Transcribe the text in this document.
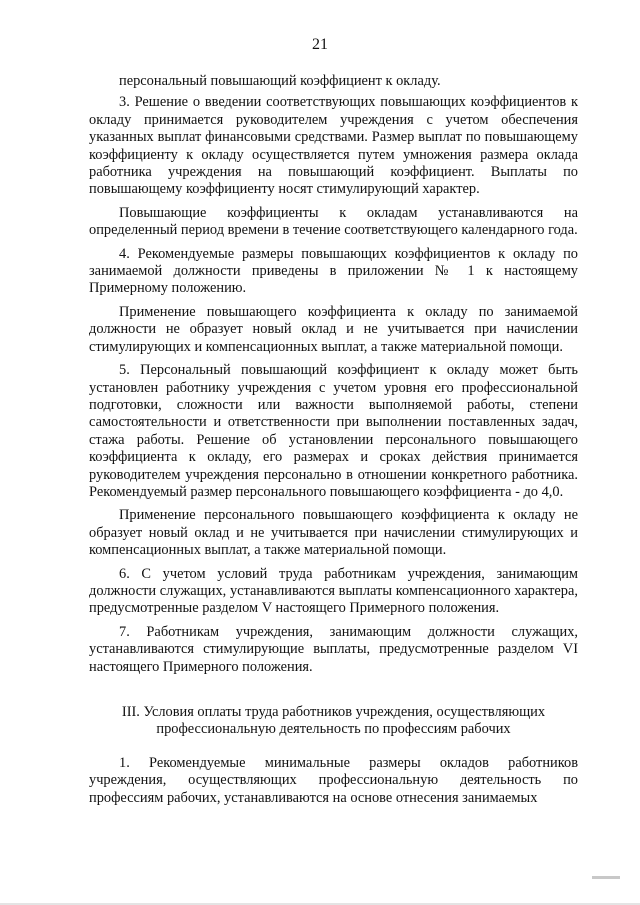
21

персональный повышающий коэффициент к окладу.

3. Решение о введении соответствующих повышающих коэффициентов к окладу принимается руководителем учреждения с учетом обеспечения указанных выплат финансовыми средствами. Размер выплат по повышающему коэффициенту к окладу осуществляется путем умножения размера оклада работника учреждения на повышающий коэффициент. Выплаты по повышающему коэффициенту носят стимулирующий характер.

Повышающие коэффициенты к окладам устанавливаются на определенный период времени в течение соответствующего календарного года.

4. Рекомендуемые размеры повышающих коэффициентов к окладу по занимаемой должности приведены в приложении № 1 к настоящему Примерному положению.

Применение повышающего коэффициента к окладу по занимаемой должности не образует новый оклад и не учитывается при начислении стимулирующих и компенсационных выплат, а также материальной помощи.

5. Персональный повышающий коэффициент к окладу может быть установлен работнику учреждения с учетом уровня его профессиональной подготовки, сложности или важности выполняемой работы, степени самостоятельности и ответственности при выполнении поставленных задач, стажа работы. Решение об установлении персонального повышающего коэффициента к окладу, его размерах и сроках действия принимается руководителем учреждения персонально в отношении конкретного работника. Рекомендуемый размер персонального повышающего коэффициента - до 4,0.

Применение персонального повышающего коэффициента к окладу не образует новый оклад и не учитывается при начислении стимулирующих и компенсационных выплат, а также материальной помощи.

6. С учетом условий труда работникам учреждения, занимающим должности служащих, устанавливаются выплаты компенсационного характера, предусмотренные разделом V настоящего Примерного положения.

7. Работникам учреждения, занимающим должности служащих, устанавливаются стимулирующие выплаты, предусмотренные разделом VI настоящего Примерного положения.

III. Условия оплаты труда работников учреждения, осуществляющих
профессиональную деятельность по профессиям рабочих

1. Рекомендуемые минимальные размеры окладов работников учреждения, осуществляющих профессиональную деятельность по профессиям рабочих, устанавливаются на основе отнесения занимаемых
